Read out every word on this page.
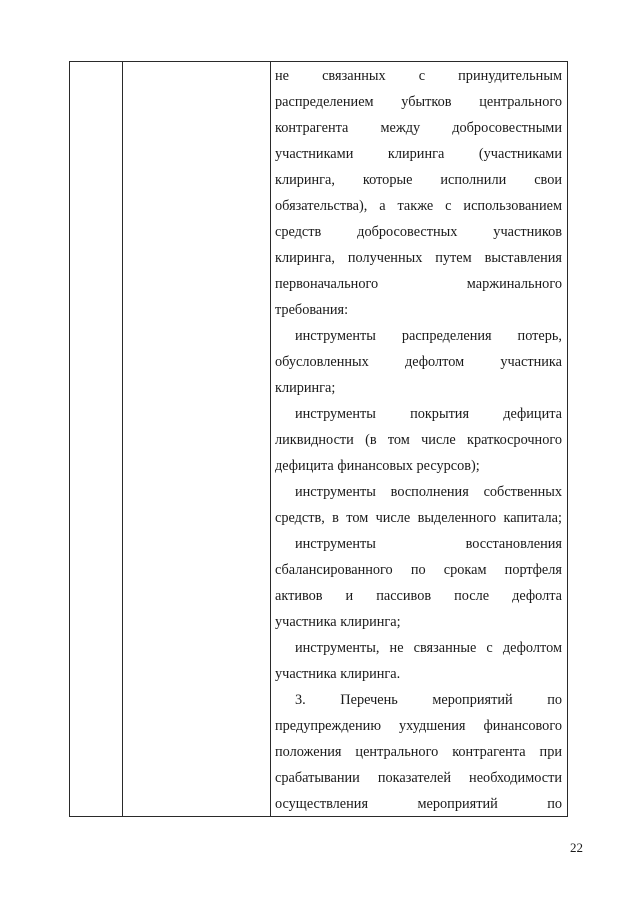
не связанных с принудительным
распределением убытков центрального
контрагента между добросовестными
участниками клиринга (участниками
клиринга, которые исполнили свои
обязательства), а также с использованием
средств добросовестных участников
клиринга, полученных путем выставления
первоначального маржинального
требования:
инструменты распределения потерь,
обусловленных дефолтом участника
клиринга;
инструменты покрытия дефицита
ликвидности (в том числе краткосрочного
дефицита финансовых ресурсов);
инструменты восполнения собственных
средств, в том числе выделенного капитала;
инструменты восстановления
сбалансированного по срокам портфеля
активов и пассивов после дефолта
участника клиринга;
инструменты, не связанные с дефолтом
участника клиринга.
3. Перечень мероприятий по
предупреждению ухудшения финансового
положения центрального контрагента при
срабатывании показателей необходимости
осуществления мероприятий по
22
